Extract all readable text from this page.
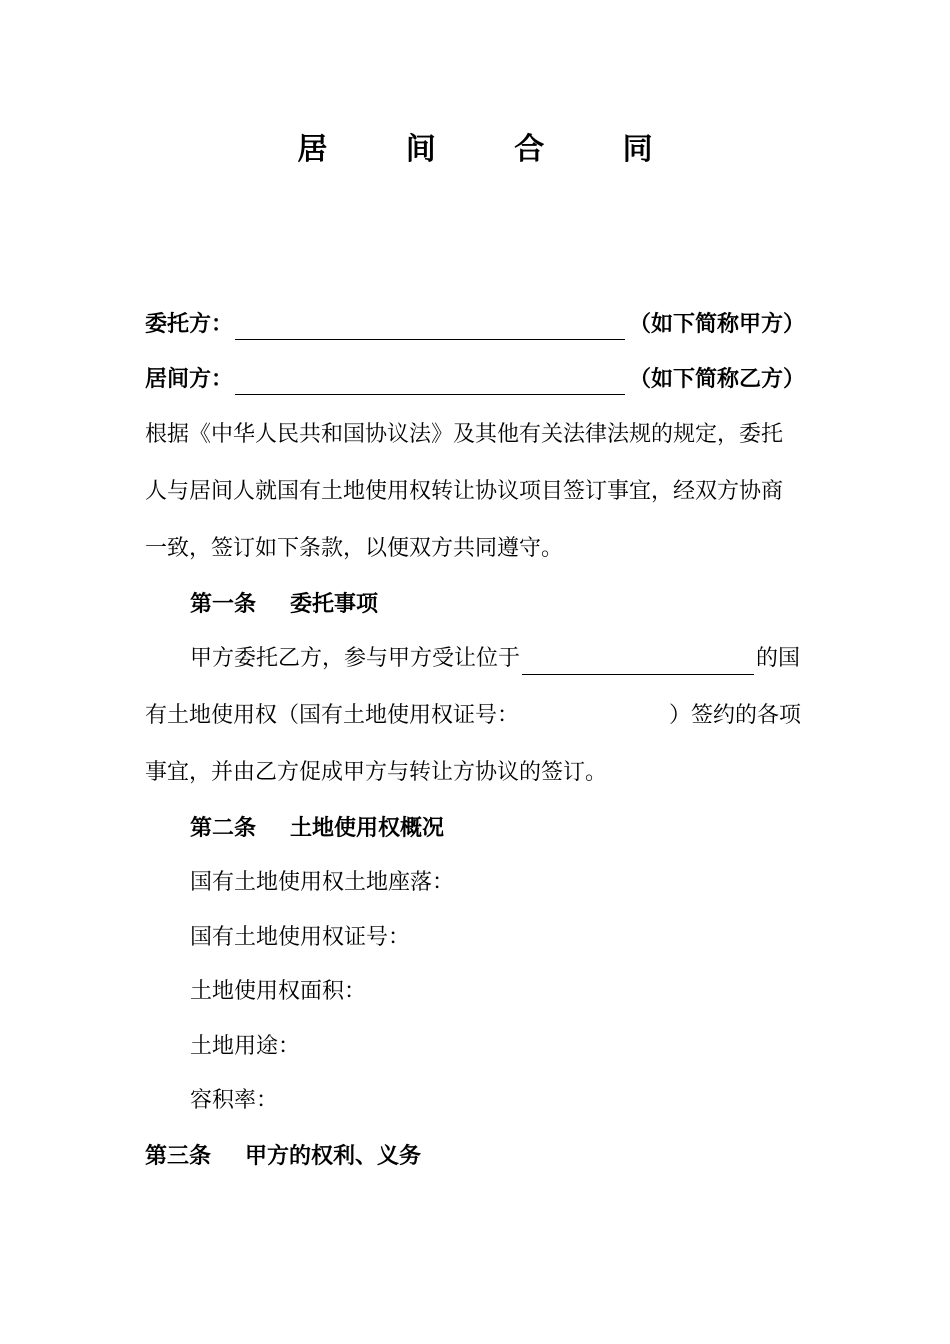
居 间 合 同
委托方：	（如下简称甲方）
居间方：	（如下简称乙方）
根据《中华人民共和国协议法》及其他有关法律法规的规定，委托
人与居间人就国有土地使用权转让协议项目签订事宜，经双方协商
一致，签订如下条款，以便双方共同遵守。
第一条 委托事项
甲方委托乙方，参与甲方受让位于	的国
有土地使用权（国有土地使用权证号：	）签约的各项
事宜，并由乙方促成甲方与转让方协议的签订。
第二条 土地使用权概况
国有土地使用权土地座落：
国有土地使用权证号：
土地使用权面积：
土地用途：
容积率：
第三条 甲方的权利、义务
